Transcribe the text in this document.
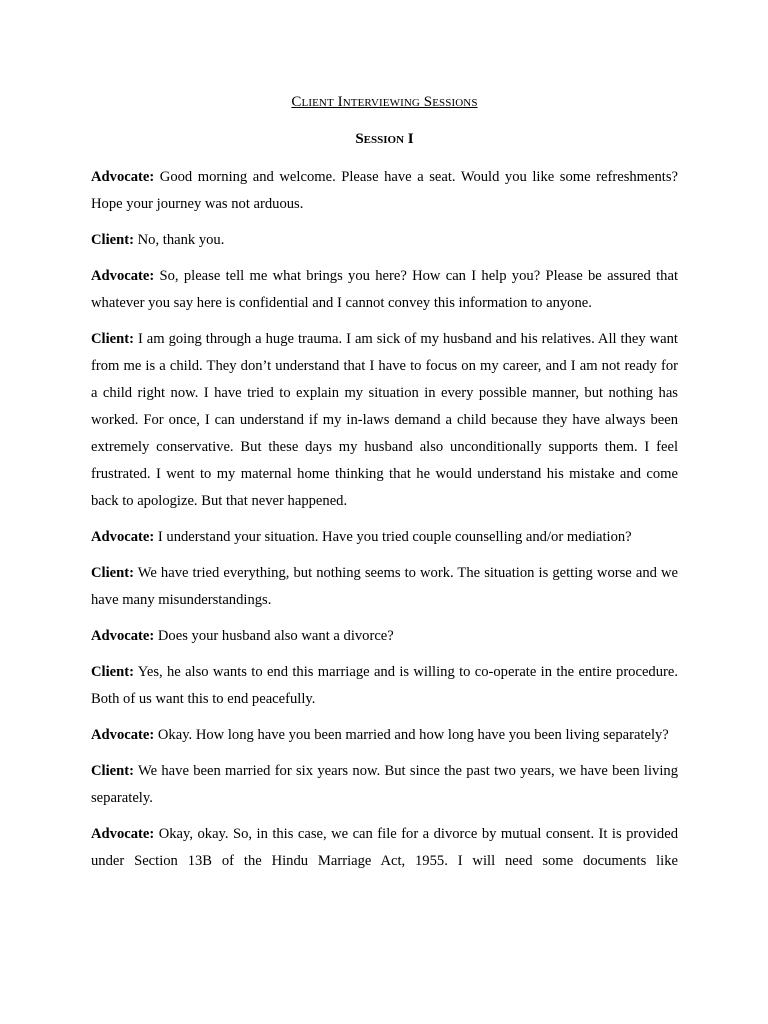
Client Interviewing Sessions
Session I

Advocate: Good morning and welcome. Please have a seat. Would you like some refreshments? Hope your journey was not arduous.

Client: No, thank you.

Advocate: So, please tell me what brings you here? How can I help you? Please be assured that whatever you say here is confidential and I cannot convey this information to anyone.

Client: I am going through a huge trauma. I am sick of my husband and his relatives. All they want from me is a child. They don’t understand that I have to focus on my career, and I am not ready for a child right now. I have tried to explain my situation in every possible manner, but nothing has worked. For once, I can understand if my in-laws demand a child because they have always been extremely conservative. But these days my husband also unconditionally supports them. I feel frustrated. I went to my maternal home thinking that he would understand his mistake and come back to apologize. But that never happened.

Advocate: I understand your situation. Have you tried couple counselling and/or mediation?

Client: We have tried everything, but nothing seems to work. The situation is getting worse and we have many misunderstandings.

Advocate: Does your husband also want a divorce?

Client: Yes, he also wants to end this marriage and is willing to co-operate in the entire procedure. Both of us want this to end peacefully.

Advocate: Okay. How long have you been married and how long have you been living separately?

Client: We have been married for six years now. But since the past two years, we have been living separately.

Advocate: Okay, okay. So, in this case, we can file for a divorce by mutual consent. It is provided under Section 13B of the Hindu Marriage Act, 1955. I will need some documents like
